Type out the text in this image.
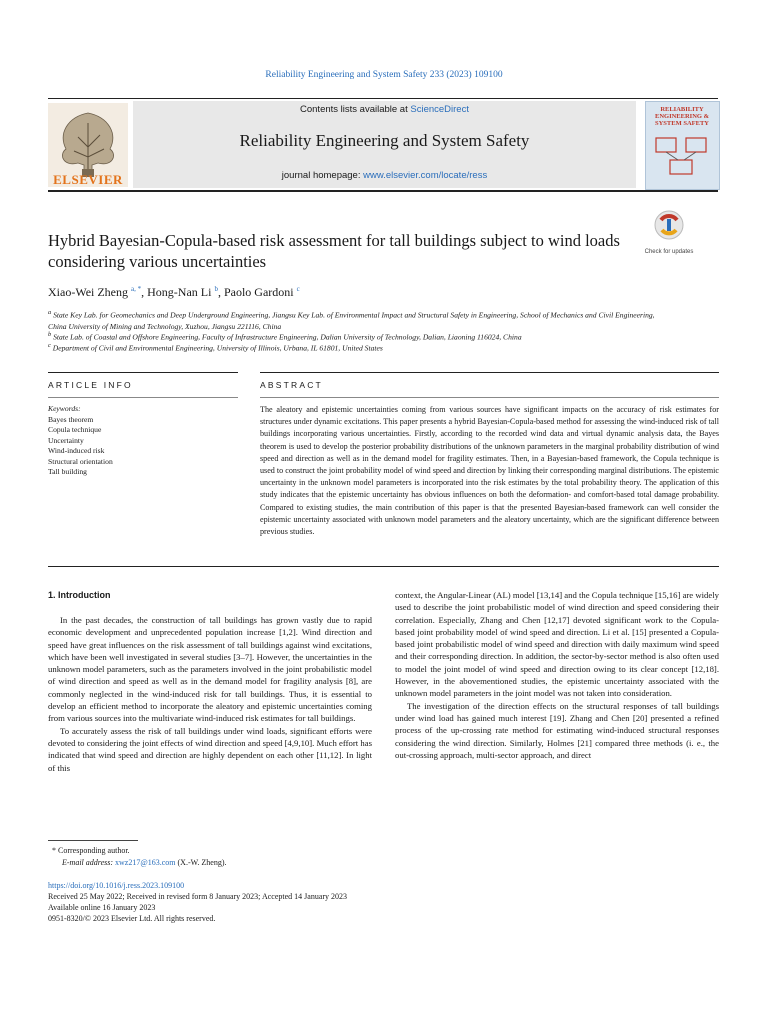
Reliability Engineering and System Safety 233 (2023) 109100
ELSEVIER
Contents lists available at ScienceDirect
Reliability Engineering and System Safety
journal homepage: www.elsevier.com/locate/ress
RELIABILITY ENGINEERING & SYSTEM SAFETY
Hybrid Bayesian-Copula-based risk assessment for tall buildings subject to wind loads considering various uncertainties	Check for updates
Xiao-Wei Zheng $^{a, *}$, Hong-Nan Li $^b$, Paolo Gardoni $^c$
$^a$ State Key Lab. for Geomechanics and Deep Underground Engineering, Jiangsu Key Lab. of Environmental Impact and Structural Safety in Engineering, School of Mechanics and Civil Engineering, China University of Mining and Technology, Xuzhou, Jiangsu 221116, China
$^b$ State Lab. of Coastal and Offshore Engineering, Faculty of Infrastructure Engineering, Dalian University of Technology, Dalian, Liaoning 116024, China
$^c$ Department of Civil and Environmental Engineering, University of Illinois, Urbana, IL 61801, United States
ARTICLE INFO	ABSTRACT
Keywords:
Bayes theorem
Copula technique
Uncertainty
Wind-induced risk
Structural orientation
Tall building
The aleatory and epistemic uncertainties coming from various sources have significant impacts on the accuracy of risk estimates for structures under dynamic excitations. This paper presents a hybrid Bayesian-Copula-based method for assessing the wind-induced risk of tall buildings incorporating various uncertainties. Firstly, according to the recorded wind data and virtual dynamic analysis data, the Bayes theorem is used to develop the posterior probability distributions of the unknown parameters in the marginal probability distribution of wind speed and direction as well as in the demand model for fragility estimates. Then, in a Bayesian-based framework, the Copula technique is used to construct the joint probability model of wind speed and direction by linking their corresponding marginal distributions. The epistemic uncertainty in the unknown model parameters is incorporated into the risk estimates by the total probability theory. The application of this study indicates that the epistemic uncertainty has obvious influences on both the deformation- and comfort-based total damage probability. Compared to existing studies, the main contribution of this paper is that the presented Bayesian-based framework can well consider the epistemic uncertainty associated with unknown model parameters and the aleatory uncertainty, which are the significant difference between previous studies.
1. Introduction

In the past decades, the construction of tall buildings has grown vastly due to rapid economic development and unprecedented population increase [1,2]. Wind direction and speed have great influences on the risk assessment of tall buildings against wind excitations, which have been well investigated in several studies [3–7]. However, the uncertainties in the unknown model parameters, such as the parameters involved in the joint probabilistic model of wind direction and speed as well as in the demand model for fragility analysis [8], are commonly neglected in the wind-induced risk for tall buildings. Thus, it is essential to develop an efficient method to incorporate the aleatory and epistemic uncertainties coming from various sources into the multivariate wind-induced risk estimates for tall buildings.

To accurately assess the risk of tall buildings under wind loads, significant efforts were devoted to considering the joint effects of wind direction and speed [4,9,10]. Much effort has indicated that wind speed and direction are highly dependent on each other [11,12]. In light of this

context, the Angular-Linear (AL) model [13,14] and the Copula technique [15,16] are widely used to describe the joint probabilistic model of wind direction and speed considering their correlation. Especially, Zhang and Chen [12,17] devoted significant work to the Copula-based joint probability model of wind speed and direction. Li et al. [15] presented a Copula-based joint probabilistic model of wind speed and direction with daily maximum wind speed and their corresponding direction. In addition, the sector-by-sector method is also often used to model the joint model of wind speed and direction owing to its clear concept [12,18]. However, in the abovementioned studies, the epistemic uncertainty associated with the unknown model parameters in the joint model was not taken into consideration.

The investigation of the direction effects on the structural responses of tall buildings under wind load has gained much interest [19]. Zhang and Chen [20] presented a refined process of the up-crossing rate method for estimating wind-induced structural responses considering the wind direction. Similarly, Holmes [21] compared three methods (i. e., the out-crossing approach, multi-sector approach, and direct

* Corresponding author.
E-mail address: xwz217@163.com (X.-W. Zheng).
https://doi.org/10.1016/j.ress.2023.109100
Received 25 May 2022; Received in revised form 8 January 2023; Accepted 14 January 2023
Available online 16 January 2023
0951-8320/© 2023 Elsevier Ltd. All rights reserved.
